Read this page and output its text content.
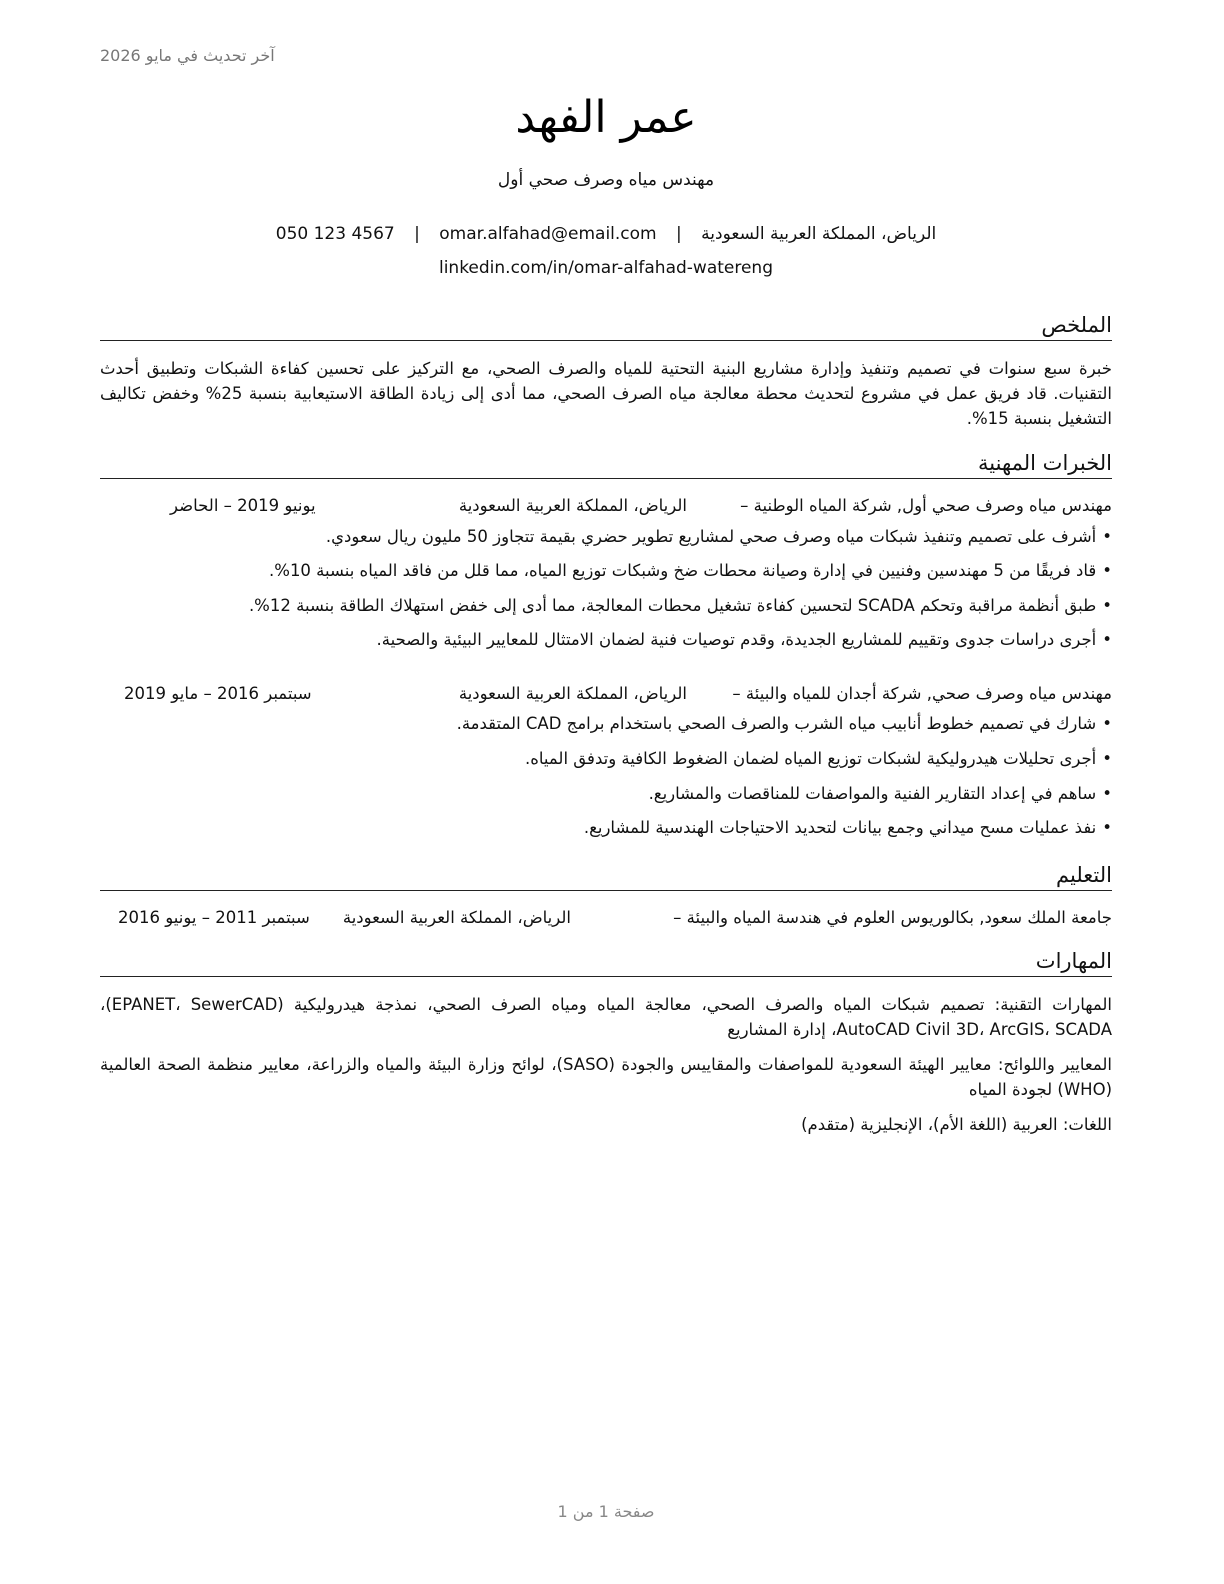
آخر تحديث في مايو 2026
عمر الفهد
مهندس مياه وصرف صحي أول
الرياض، المملكة العربية السعودية | omar.alfahad@email.com | 050 123 4567
linkedin.com/in/omar-alfahad-watereng
الملخص
خبرة سبع سنوات في تصميم وتنفيذ وإدارة مشاريع البنية التحتية للمياه والصرف الصحي، مع التركيز على تحسين كفاءة الشبكات وتطبيق أحدث التقنيات. قاد فريق عمل في مشروع لتحديث محطة معالجة مياه الصرف الصحي، مما أدى إلى زيادة الطاقة الاستيعابية بنسبة 25% وخفض تكاليف التشغيل بنسبة 15%.
الخبرات المهنية
مهندس مياه وصرف صحي أول, شركة المياه الوطنية –
الرياض، المملكة العربية السعودية
يونيو 2019 – الحاضر
•أشرف على تصميم وتنفيذ شبكات مياه وصرف صحي لمشاريع تطوير حضري بقيمة تتجاوز 50 مليون ريال سعودي.
•قاد فريقًا من 5 مهندسين وفنيين في إدارة وصيانة محطات ضخ وشبكات توزيع المياه، مما قلل من فاقد المياه بنسبة 10%.
•طبق أنظمة مراقبة وتحكم SCADA لتحسين كفاءة تشغيل محطات المعالجة، مما أدى إلى خفض استهلاك الطاقة بنسبة 12%.
•أجرى دراسات جدوى وتقييم للمشاريع الجديدة، وقدم توصيات فنية لضمان الامتثال للمعايير البيئية والصحية.
مهندس مياه وصرف صحي, شركة أجدان للمياه والبيئة –
الرياض، المملكة العربية السعودية
سبتمبر 2016 – مايو 2019
•شارك في تصميم خطوط أنابيب مياه الشرب والصرف الصحي باستخدام برامج CAD المتقدمة.
•أجرى تحليلات هيدروليكية لشبكات توزيع المياه لضمان الضغوط الكافية وتدفق المياه.
•ساهم في إعداد التقارير الفنية والمواصفات للمناقصات والمشاريع.
•نفذ عمليات مسح ميداني وجمع بيانات لتحديد الاحتياجات الهندسية للمشاريع.
التعليم
جامعة الملك سعود, بكالوريوس العلوم في هندسة المياه والبيئة –
الرياض، المملكة العربية السعودية
سبتمبر 2011 – يونيو 2016
المهارات
المهارات التقنية: تصميم شبكات المياه والصرف الصحي، معالجة المياه ومياه الصرف الصحي، نمذجة هيدروليكية (EPANET، SewerCAD)، AutoCAD Civil 3D، ArcGIS، SCADA، إدارة المشاريع
المعايير واللوائح: معايير الهيئة السعودية للمواصفات والمقاييس والجودة (SASO)، لوائح وزارة البيئة والمياه والزراعة، معايير منظمة الصحة العالمية (WHO) لجودة المياه
اللغات: العربية (اللغة الأم)، الإنجليزية (متقدم)
صفحة 1 من 1
